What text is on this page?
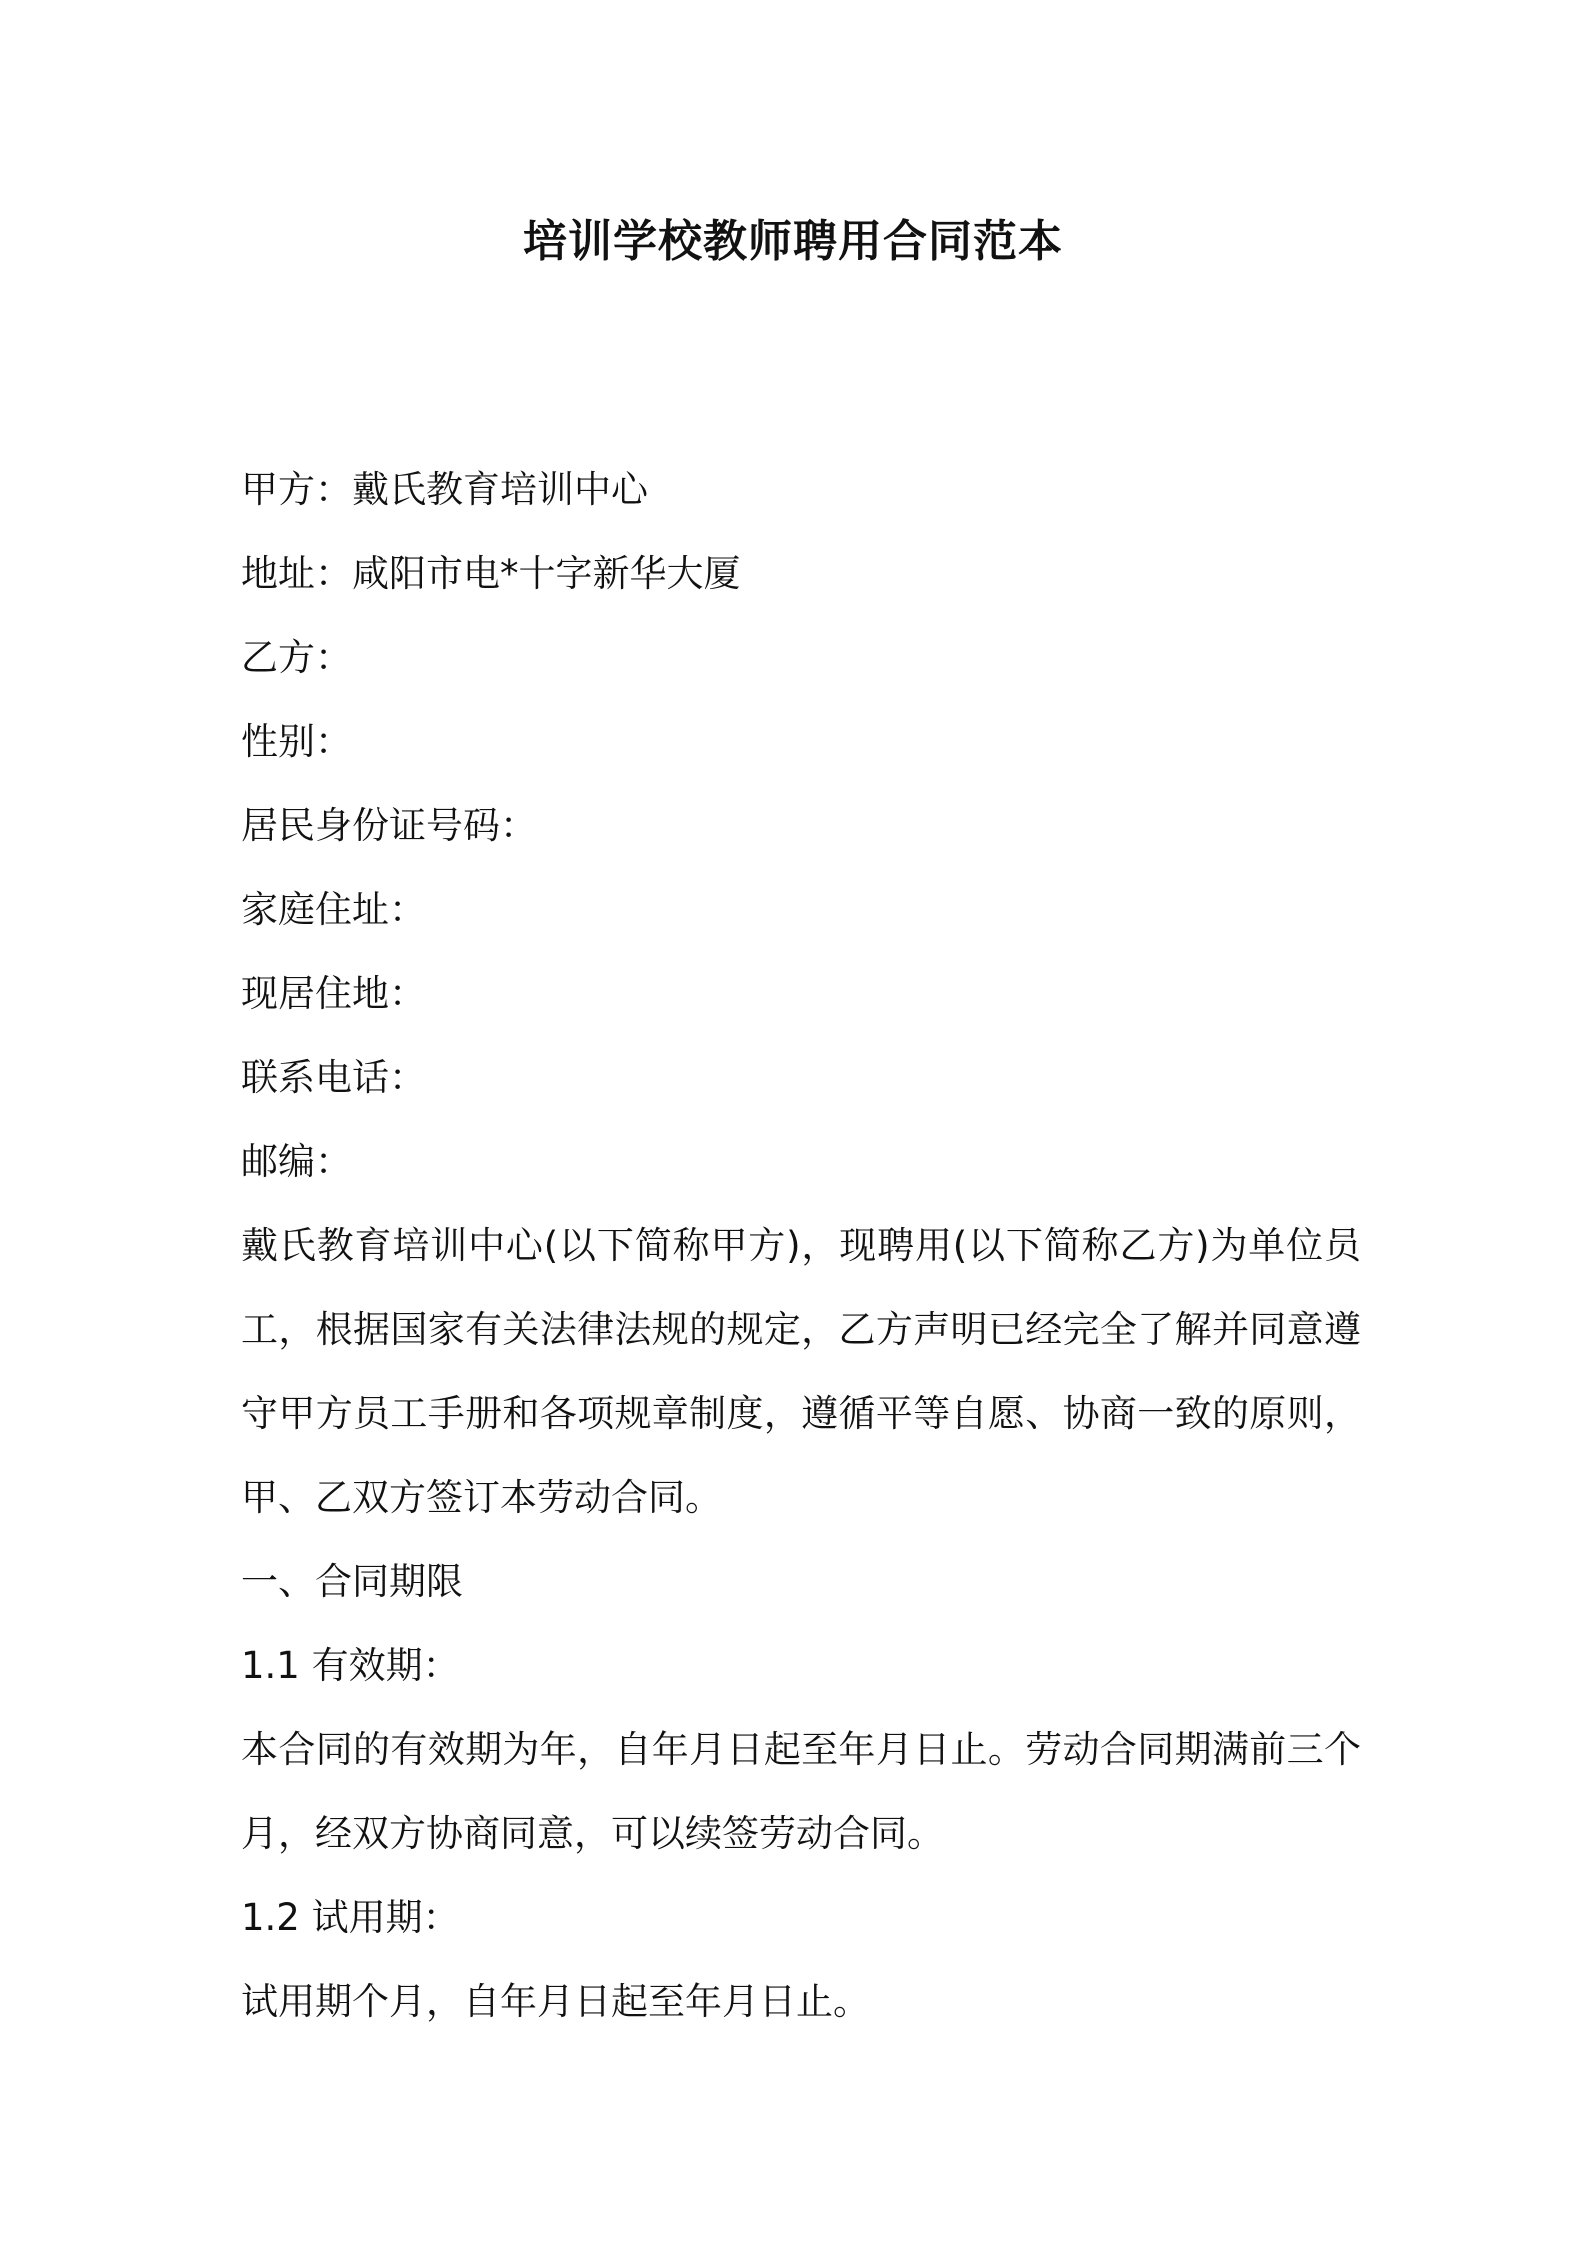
培训学校教师聘用合同范本
甲方：戴氏教育培训中心
地址：咸阳市电*十字新华大厦
乙方：
性别：
居民身份证号码：
家庭住址：
现居住地：
联系电话：
邮编：
戴氏教育培训中心(以下简称甲方)，现聘用(以下简称乙方)为单位员工，根据国家有关法律法规的规定，乙方声明已经完全了解并同意遵守甲方员工手册和各项规章制度，遵循平等自愿、协商一致的原则，甲、乙双方签订本劳动合同。
一、合同期限
1.1 有效期：
本合同的有效期为年，自年月日起至年月日止。劳动合同期满前三个月，经双方协商同意，可以续签劳动合同。
1.2 试用期：
试用期个月，自年月日起至年月日止。
